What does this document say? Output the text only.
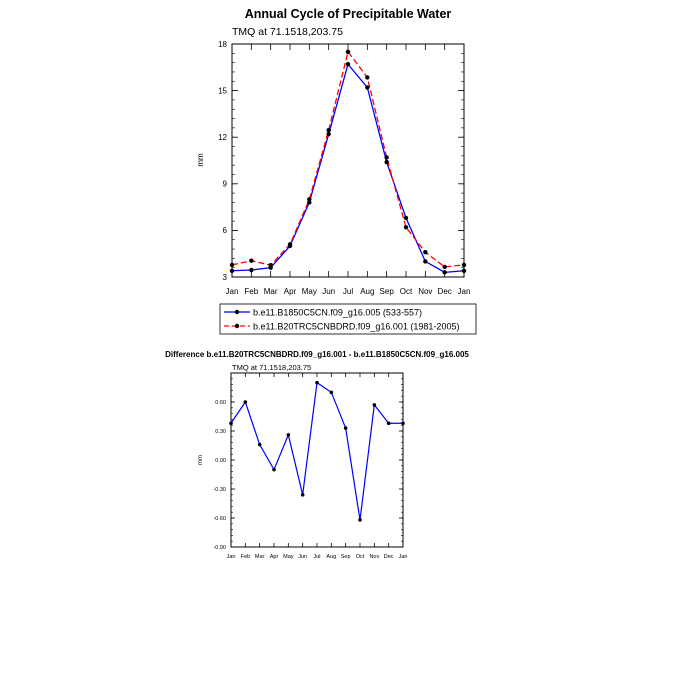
Annual Cycle of Precipitable Water
TMQ at 71.1518,203.75
mm
Jan Feb Mar Apr May Jun Jul Aug Sep Oct Nov Dec Jan
3
6
9
12
15
18
b.e11.B1850C5CN.f09_g16.005 (533-557)
b.e11.B20TRC5CNBDRD.f09_g16.001 (1981-2005)
Difference b.e11.B20TRC5CNBDRD.f09_g16.001 - b.e11.B1850C5CN.f09_g16.005
TMQ at 71.1518,203.75
mm
Jan Feb Mar Apr May Jun Jul Aug Sep Oct Nov Dec Jan
-0.90
-0.60
-0.30
0.00
0.30
0.60
